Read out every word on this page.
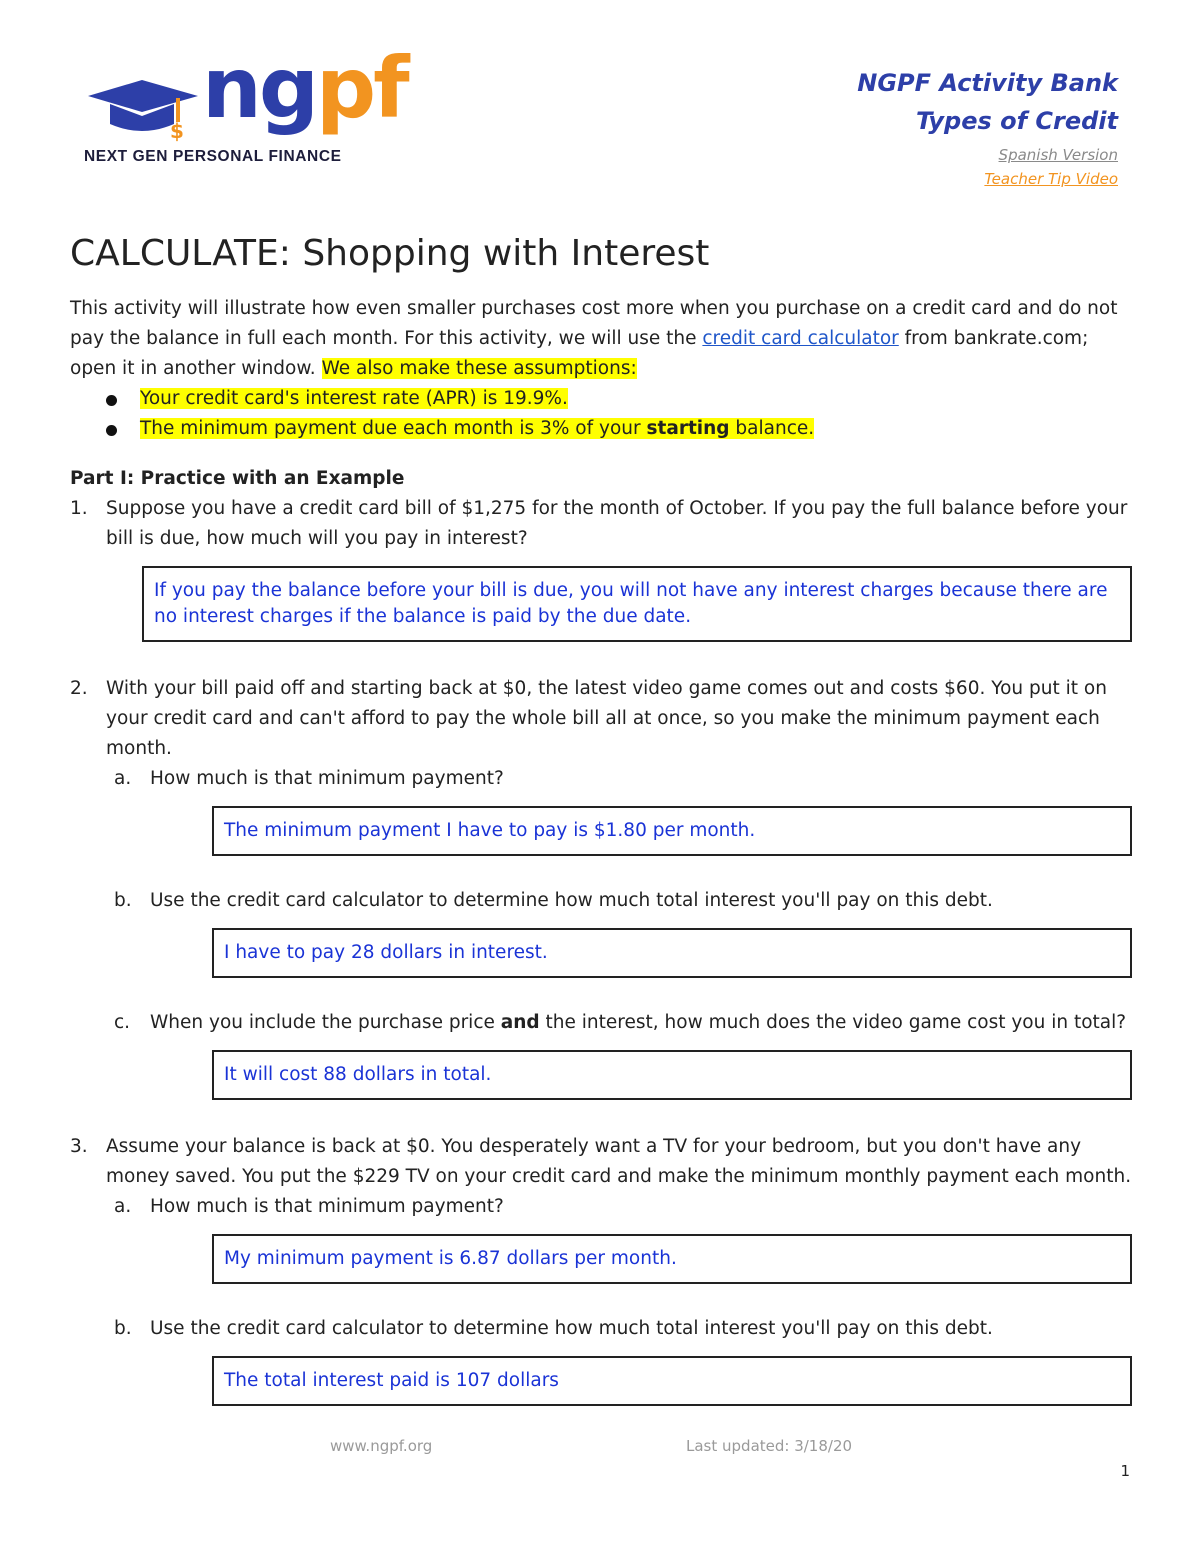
$ ngpf
NEXT GEN PERSONAL FINANCE
NGPF Activity Bank
Types of Credit
Spanish Version
Teacher Tip Video
CALCULATE: Shopping with Interest

This activity will illustrate how even smaller purchases cost more when you purchase on a credit card and do not pay the balance in full each month. For this activity, we will use the credit card calculator from bankrate.com; open it in another window. We also make these assumptions:

Your credit card's interest rate (APR) is 19.9%.
The minimum payment due each month is 3% of your starting balance.
Part I: Practice with an Example
1. Suppose you have a credit card bill of $1,275 for the month of October. If you pay the full balance before your bill is due, how much will you pay in interest?
If you pay the balance before your bill is due, you will not have any interest charges because there are no interest charges if the balance is paid by the due date.
2. With your bill paid off and starting back at $0, the latest video game comes out and costs $60. You put it on your credit card and can't afford to pay the whole bill all at once, so you make the minimum payment each month.
a. How much is that minimum payment?
The minimum payment I have to pay is $1.80 per month.
b. Use the credit card calculator to determine how much total interest you'll pay on this debt.
I have to pay 28 dollars in interest.
c. When you include the purchase price and the interest, how much does the video game cost you in total?
It will cost 88 dollars in total.
3. Assume your balance is back at $0. You desperately want a TV for your bedroom, but you don't have any money saved. You put the $229 TV on your credit card and make the minimum monthly payment each month.
a. How much is that minimum payment?
My minimum payment is 6.87 dollars per month.
b. Use the credit card calculator to determine how much total interest you'll pay on this debt.
The total interest paid is 107 dollars
www.ngpf.org	Last updated: 3/18/20
1
